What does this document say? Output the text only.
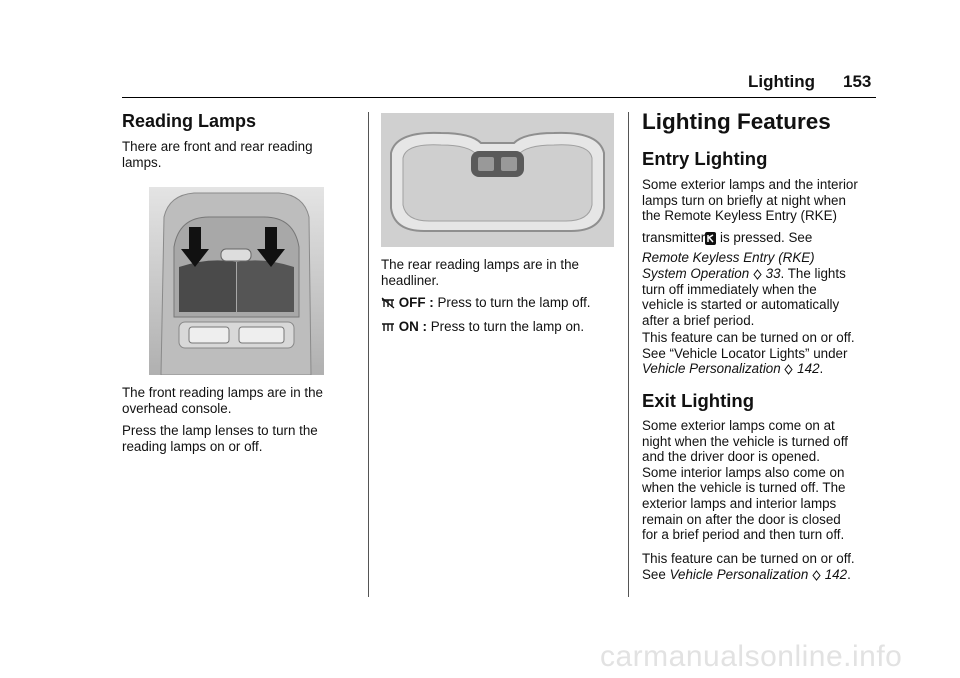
Lighting 153
Reading Lamps
There are front and rear reading
lamps.
The front reading lamps are in the
overhead console.
Press the lamp lenses to turn the
reading lamps on or off.
The rear reading lamps are in the
headliner.
OFF : Press to turn the lamp off.
ON : Press to turn the lamp on.
Lighting Features
Entry Lighting
Some exterior lamps and the interior
lamps turn on briefly at night when
the Remote Keyless Entry (RKE)
transmitter is pressed. See
Remote Keyless Entry (RKE)
System Operation 33. The lights
turn off immediately when the
vehicle is started or automatically
after a brief period.
This feature can be turned on or off.
See “Vehicle Locator Lights” under
Vehicle Personalization 142.
Exit Lighting
Some exterior lamps come on at
night when the vehicle is turned off
and the driver door is opened.
Some interior lamps also come on
when the vehicle is turned off. The
exterior lamps and interior lamps
remain on after the door is closed
for a brief period and then turn off.
This feature can be turned on or off.
See Vehicle Personalization 142.
carmanualsonline.info
